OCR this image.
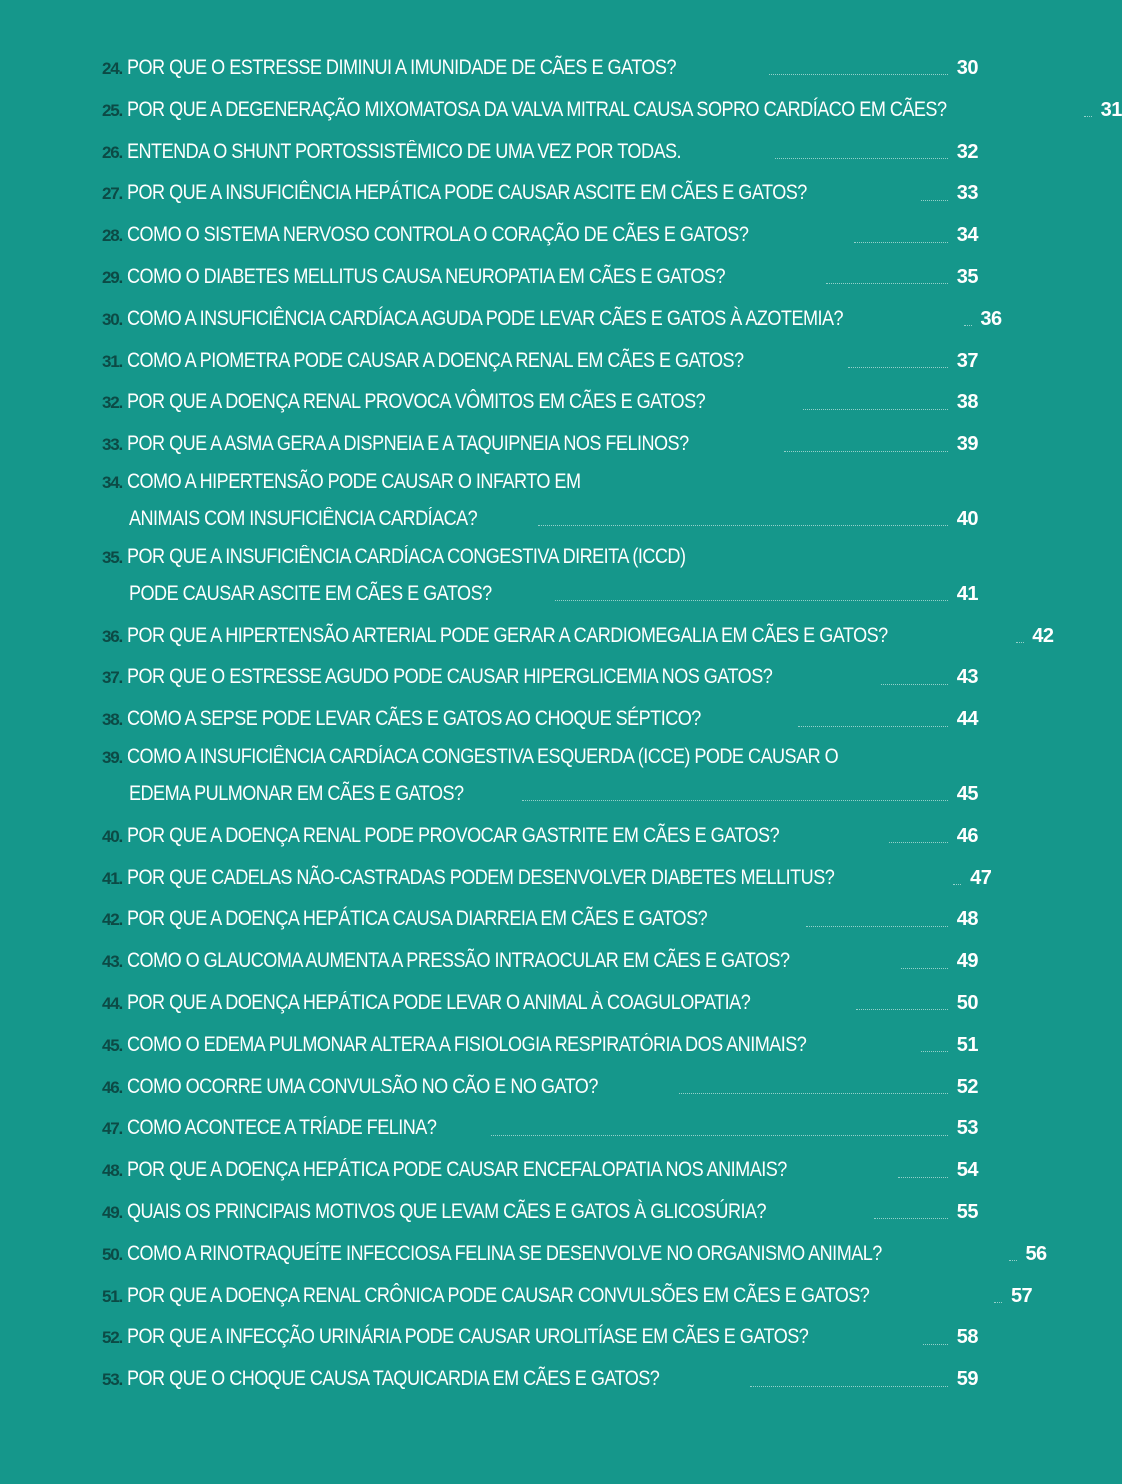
24. POR QUE O ESTRESSE DIMINUI A IMUNIDADE DE CÃES E GATOS?	30
25. POR QUE A DEGENERAÇÃO MIXOMATOSA DA VALVA MITRAL CAUSA SOPRO CARDÍACO EM CÃES?	31
26. ENTENDA O SHUNT PORTOSSISTÊMICO DE UMA VEZ POR TODAS.	32
27. POR QUE A INSUFICIÊNCIA HEPÁTICA PODE CAUSAR ASCITE EM CÃES E GATOS?	33
28. COMO O SISTEMA NERVOSO CONTROLA O CORAÇÃO DE CÃES E GATOS?	34
29. COMO O DIABETES MELLITUS CAUSA NEUROPATIA EM CÃES E GATOS?	35
30. COMO A INSUFICIÊNCIA CARDÍACA AGUDA PODE LEVAR CÃES E GATOS À AZOTEMIA?	36
31. COMO A PIOMETRA PODE CAUSAR A DOENÇA RENAL EM CÃES E GATOS?	37
32. POR QUE A DOENÇA RENAL PROVOCA VÔMITOS EM CÃES E GATOS?	38
33. POR QUE A ASMA GERA A DISPNEIA E A TAQUIPNEIA NOS FELINOS?	39
34. COMO A HIPERTENSÃO PODE CAUSAR O INFARTO EM
ANIMAIS COM INSUFICIÊNCIA CARDÍACA?	40
35. POR QUE A INSUFICIÊNCIA CARDÍACA CONGESTIVA DIREITA (ICCD)
PODE CAUSAR ASCITE EM CÃES E GATOS?	41
36. POR QUE A HIPERTENSÃO ARTERIAL PODE GERAR A CARDIOMEGALIA EM CÃES E GATOS?	42
37. POR QUE O ESTRESSE AGUDO PODE CAUSAR HIPERGLICEMIA NOS GATOS?	43
38. COMO A SEPSE PODE LEVAR CÃES E GATOS AO CHOQUE SÉPTICO?	44
39. COMO A INSUFICIÊNCIA CARDÍACA CONGESTIVA ESQUERDA (ICCE) PODE CAUSAR O
EDEMA PULMONAR EM CÃES E GATOS?	45
40. POR QUE A DOENÇA RENAL PODE PROVOCAR GASTRITE EM CÃES E GATOS?	46
41. POR QUE CADELAS NÃO-CASTRADAS PODEM DESENVOLVER DIABETES MELLITUS?	47
42. POR QUE A DOENÇA HEPÁTICA CAUSA DIARREIA EM CÃES E GATOS?	48
43. COMO O GLAUCOMA AUMENTA A PRESSÃO INTRAOCULAR EM CÃES E GATOS?	49
44. POR QUE A DOENÇA HEPÁTICA PODE LEVAR O ANIMAL À COAGULOPATIA?	50
45. COMO O EDEMA PULMONAR ALTERA A FISIOLOGIA RESPIRATÓRIA DOS ANIMAIS?	51
46. COMO OCORRE UMA CONVULSÃO NO CÃO E NO GATO?	52
47. COMO ACONTECE A TRÍADE FELINA?	53
48. POR QUE A DOENÇA HEPÁTICA PODE CAUSAR ENCEFALOPATIA NOS ANIMAIS?	54
49. QUAIS OS PRINCIPAIS MOTIVOS QUE LEVAM CÃES E GATOS À GLICOSÚRIA?	55
50. COMO A RINOTRAQUEÍTE INFECCIOSA FELINA SE DESENVOLVE NO ORGANISMO ANIMAL?	56
51. POR QUE A DOENÇA RENAL CRÔNICA PODE CAUSAR CONVULSÕES EM CÃES E GATOS?	57
52. POR QUE A INFECÇÃO URINÁRIA PODE CAUSAR UROLITÍASE EM CÃES E GATOS?	58
53. POR QUE O CHOQUE CAUSA TAQUICARDIA EM CÃES E GATOS?	59
